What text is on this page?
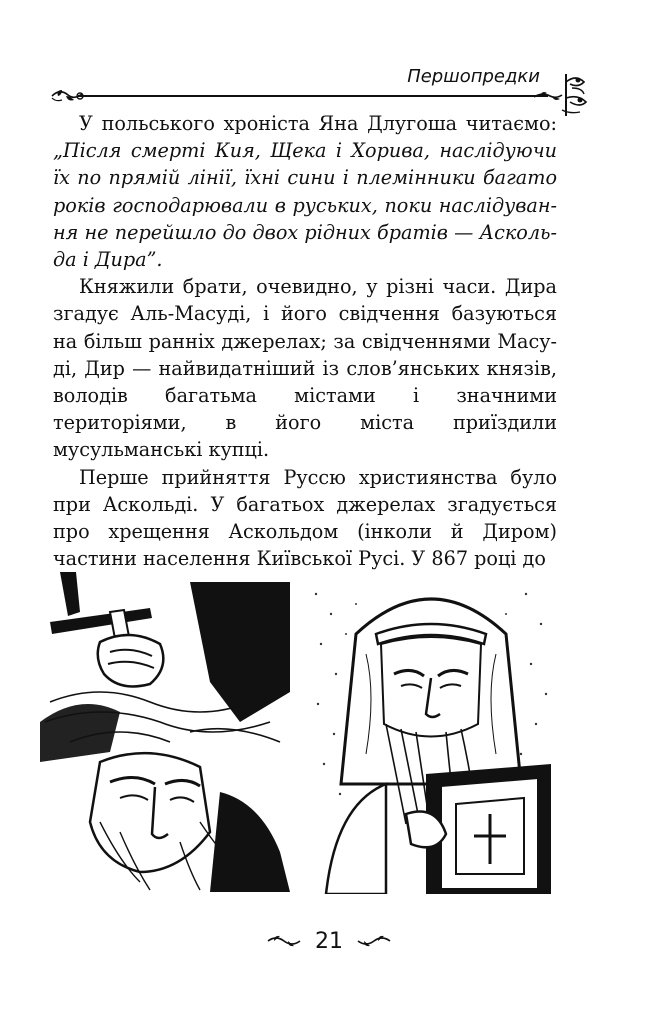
Першопредки

У польського хроніста Яна Длугоша читаємо: „Після смерті Кия, Щека і Хорива, наслідуючи їх по прямій лінії, їхні сини і племінники багато років господарювали в руських, поки наслідування не перейшло до двох рідних братів — Аскольда і Дира”.

Княжили брати, очевидно, у різні часи. Дира згадує Аль-Масуді, і його свідчення базуються на більш ранніх джерелах; за свідченнями Масуді, Дир — найвидатніший із слов’янських князів, володів багатьма містами і значними територіями, в його міста приїздили мусульманські купці.

Перше прийняття Руссю християнства було при Аскольді. У багатьох джерелах згадується про хрещення Аскольдом (інколи й Диром) частини населення Київської Русі. У 867 році до

21
